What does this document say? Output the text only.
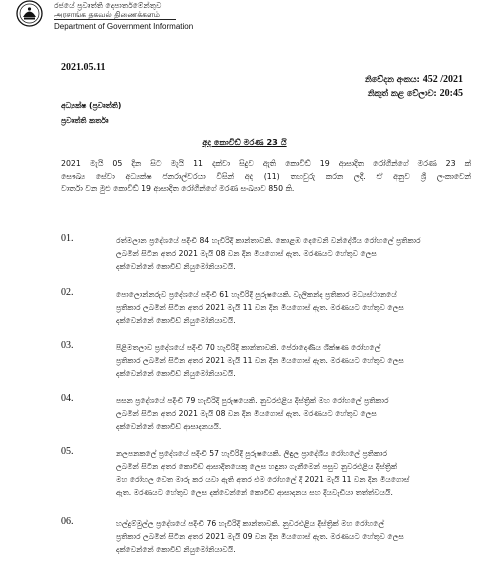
රජයේ ප්‍රවෘත්ති දෙපාර්තමේන්තුව
அரசாங்க தகவல் திணைக்களம்
Department of Government Information
2021.05.11
නිවේදන අංකය: 452 /2021
නිකුත් කළ වේලාව: 20:45
අධ්‍යක්ෂ (ප්‍රවෘත්ති)
ප්‍රවෘත්ති කර්තෘ
අද කොවිඩ් මරණ 23 යි
2021 මැයි 05 දින සිට මැයි 11 දක්වා සිදුව ඇති කොවිඩ් 19 ආසාදිත රෝගීන්ගේ මරණ 23 ක්
සෞඛ්‍ය සේවා අධ්‍යක්ෂ ජනරාල්වරයා විසින් අද (11) තහවුරු කරන ලදී. ඒ අනුව ශ්‍රී ලංකාවෙන්
වාර්තා වන මුළු කොවිඩ් 19 ආසාදිත රෝගීන්ගේ මරණ සංඛ්‍යාව 850 කි.
01.	රත්මලාන ප්‍රදේශයේ පදිංචි 84 හැවිරිදි කාන්තාවකි. කොළඹ දෙවෙනි වන්දේශීය රෝහලේ ප්‍රතිකාර
ලබමින් සිටින අතර 2021 මැයි 08 වන දින මියගොස් ඇත. මරණයට හේතුව ලෙස
දක්වෙන්නේ කොවිඩ් නියුමෝනියාවයි.
02.	පොලොන්නරුව ප්‍රදේශයේ පදිංචි 61 හැවිරිදි පුරුෂයෙකි. වැලිකන්ද ප්‍රතිකාර මධ්‍යස්ථානයේ
ප්‍රතිකාර ලබමින් සිටින අතර 2021 මැයි 11 වන දින මියගොස් ඇත. මරණයට හේතුව ලෙස
දක්වෙන්නේ කොවිඩ් නියුමෝනියාවයි.
03.	පිළිමතලාව ප්‍රදේශයේ පදිංචි 70 හැවිරිදි කාන්තාවකි. පේරාදෙණිය ශික්ෂණ රෝහලේ
ප්‍රතිකාර ලබමින් සිටින අතර 2021 මැයි 11 වන දින මියගොස් ඇත. මරණයට හේතුව ලෙස
දක්වෙන්නේ කොවිඩ් නියුමෝනියාවයි.
04.	පසන ප්‍රදේශයේ පදිංචි 79 හැවිරිදි පුරුෂයෙකි. නුවරඑළිය දිස්ත්‍රික් මහ රෝහලේ ප්‍රතිකාර
ලබමින් සිටින අතර 2021 මැයි 08 වන දින මියගොස් ඇත. මරණයට හේතුව ලෙස
දක්වෙන්නේ කොවිඩ් ආසාදනයයි.
05.	නලපනකලේ ප්‍රදේශයේ පදිංචි 57 හැවිරිදි පුරුෂයෙකි. ලිඳුල ප්‍රාදේශීය රෝහලේ ප්‍රතිකාර
ලබමින් සිටින අතර කොවිඩ් ආසාදිතයෙකු ලෙස හඳුනා ගැනීමෙන් පසුව නුවරඑළිය දිස්ත්‍රික්
මහ රෝහල වෙත මාරු කර යවා ඇති අතර එම රෝහලේ දී 2021 මැයි 11 වන දින මියගොස්
ඇත. මරණයට හේතුව ලෙස දක්වෙන්නේ කොවිඩ් ආසාදනය සහ දියවැඩියා තත්ත්වයයි.
06.	හල්දුම්මුල්ල ප්‍රදේශයේ පදිංචි 76 හැවිරිදි කාන්තාවකි. නුවරඑළිය දිස්ත්‍රික් මහ රෝහලේ
ප්‍රතිකාර ලබමින් සිටින අතර 2021 මැයි 09 වන දින මියගොස් ඇත. මරණයට හේතුව ලෙස
දක්වෙන්නේ කොවිඩ් නියුමෝනියාවයි.
